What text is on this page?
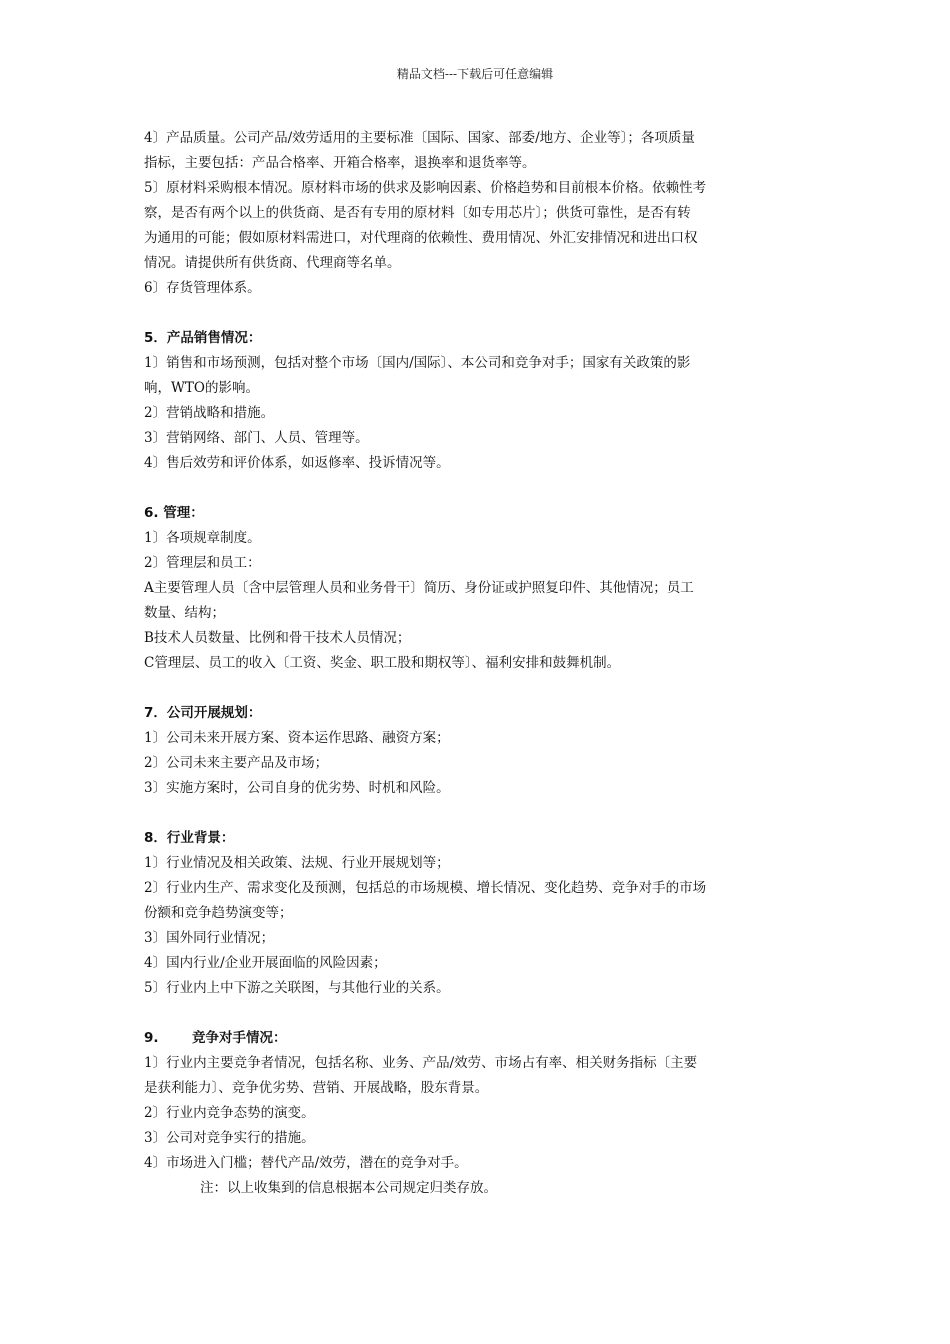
精品文档---下载后可任意编辑

4〕产品质量。公司产品/效劳适用的主要标准〔国际、国家、部委/地方、企业等〕；各项质量

指标，主要包括：产品合格率、开箱合格率，退换率和退货率等。

5〕原材料采购根本情况。原材料市场的供求及影响因素、价格趋势和目前根本价格。依赖性考

察，是否有两个以上的供货商、是否有专用的原材料〔如专用芯片〕；供货可靠性，是否有转

为通用的可能；假如原材料需进口，对代理商的依赖性、费用情况、外汇安排情况和进出口权

情况。请提供所有供货商、代理商等名单。

6〕存货管理体系。

5．产品销售情况：

1〕销售和市场预测，包括对整个市场〔国内/国际〕、本公司和竞争对手；国家有关政策的影

响，WTO的影响。

2〕营销战略和措施。

3〕营销网络、部门、人员、管理等。

4〕售后效劳和评价体系，如返修率、投诉情况等。

6. 管理：

1〕各项规章制度。

2〕管理层和员工：

A主要管理人员〔含中层管理人员和业务骨干〕简历、身份证或护照复印件、其他情况；员工

数量、结构；

B技术人员数量、比例和骨干技术人员情况；

C管理层、员工的收入〔工资、奖金、职工股和期权等〕、福利安排和鼓舞机制。

7．公司开展规划：

1〕公司未来开展方案、资本运作思路、融资方案；

2〕公司未来主要产品及市场；

3〕实施方案时，公司自身的优劣势、时机和风险。

8．行业背景：

1〕行业情况及相关政策、法规、行业开展规划等；

2〕行业内生产、需求变化及预测，包括总的市场规模、增长情况、变化趋势、竞争对手的市场

份额和竞争趋势演变等；

3〕国外同行业情况；

4〕国内行业/企业开展面临的风险因素；

5〕行业内上中下游之关联图，与其他行业的关系。

9. 竞争对手情况：

1〕行业内主要竞争者情况，包括名称、业务、产品/效劳、市场占有率、相关财务指标〔主要

是获利能力〕、竞争优劣势、营销、开展战略，股东背景。

2〕行业内竞争态势的演变。

3〕公司对竞争实行的措施。

4〕市场进入门槛；替代产品/效劳，潜在的竞争对手。

注：以上收集到的信息根据本公司规定归类存放。
